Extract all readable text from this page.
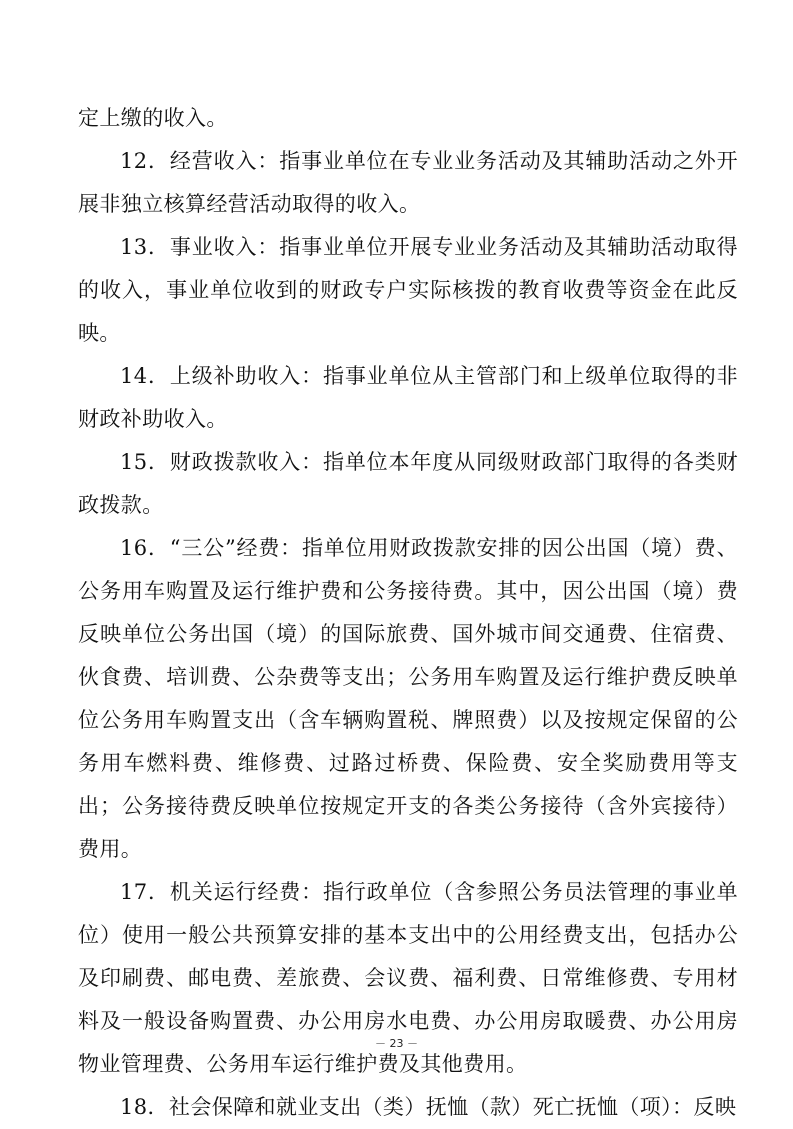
定上缴的收入。

12．经营收入：指事业单位在专业业务活动及其辅助活动之外开展非独立核算经营活动取得的收入。

13．事业收入：指事业单位开展专业业务活动及其辅助活动取得的收入，事业单位收到的财政专户实际核拨的教育收费等资金在此反映。

14．上级补助收入：指事业单位从主管部门和上级单位取得的非财政补助收入。

15．财政拨款收入：指单位本年度从同级财政部门取得的各类财政拨款。

16．“三公”经费：指单位用财政拨款安排的因公出国（境）费、公务用车购置及运行维护费和公务接待费。其中，因公出国（境）费反映单位公务出国（境）的国际旅费、国外城市间交通费、住宿费、伙食费、培训费、公杂费等支出；公务用车购置及运行维护费反映单位公务用车购置支出（含车辆购置税、牌照费）以及按规定保留的公务用车燃料费、维修费、过路过桥费、保险费、安全奖励费用等支出；公务接待费反映单位按规定开支的各类公务接待（含外宾接待）费用。

17．机关运行经费：指行政单位（含参照公务员法管理的事业单位）使用一般公共预算安排的基本支出中的公用经费支出，包括办公及印刷费、邮电费、差旅费、会议费、福利费、日常维修费、专用材料及一般设备购置费、办公用房水电费、办公用房取暖费、办公用房物业管理费、公务用车运行维护费及其他费用。

18．社会保障和就业支出（类）抚恤（款）死亡抚恤（项）：反映

－ 23 －
